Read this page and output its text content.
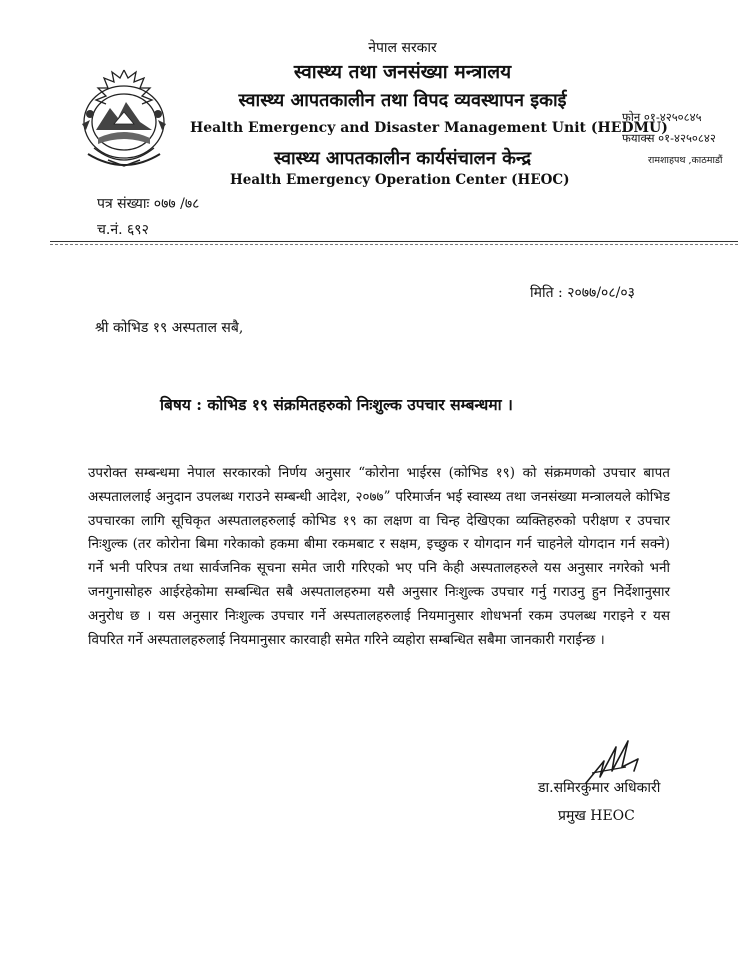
नेपाल सरकार
स्वास्थ्य तथा जनसंख्या मन्त्रालय
स्वास्थ्य आपतकालीन तथा विपद व्यवस्थापन इकाई
Health Emergency and Disaster Management Unit (HEDMU)
स्वास्थ्य आपतकालीन कार्यसंचालन केन्द्र
Health Emergency Operation Center (HEOC)
फोन ०१-४२५०८४५
फयाक्स ०१-४२५०८४२
रामशाहपथ ,काठमाडौं
पत्र संख्याः ०७७ /७८
च.नं. ६९२
मिति : २०७७/०८/०३
श्री कोभिड १९ अस्पताल सबै,
बिषय : कोभिड १९ संक्रमितहरुको निःशुल्क उपचार सम्बन्धमा ।
उपरोक्त सम्बन्धमा नेपाल सरकारको निर्णय अनुसार “कोरोना भाईरस (कोभिड १९) को संक्रमणको उपचार बापत अस्पताललाई अनुदान उपलब्ध गराउने सम्बन्धी आदेश, २०७७” परिमार्जन भई स्वास्थ्य तथा जनसंख्या मन्त्रालयले कोभिड उपचारका लागि सूचिकृत अस्पतालहरुलाई कोभिड १९ का लक्षण वा चिन्ह देखिएका व्यक्तिहरुको परीक्षण र उपचार निःशुल्क (तर कोरोना बिमा गरेकाको हकमा बीमा रकमबाट र सक्षम, इच्छुक र योगदान गर्न चाहनेले योगदान गर्न सक्ने) गर्ने भनी परिपत्र तथा सार्वजनिक सूचना समेत जारी गरिएको भए पनि केही अस्पतालहरुले यस अनुसार नगरेको भनी जनगुनासोहरु आईरहेकोमा सम्बन्धित सबै अस्पतालहरुमा यसै अनुसार निःशुल्क उपचार गर्नु गराउनु हुन निर्देशानुसार अनुरोध छ । यस अनुसार निःशुल्क उपचार गर्ने अस्पतालहरुलाई नियमानुसार शोधभर्ना रकम उपलब्ध गराइने र यस विपरित गर्ने अस्पतालहरुलाई नियमानुसार कारवाही समेत गरिने व्यहोरा सम्बन्धित सबैमा जानकारी गराईन्छ ।
डा.समिरकुमार अधिकारी
प्रमुख HEOC
